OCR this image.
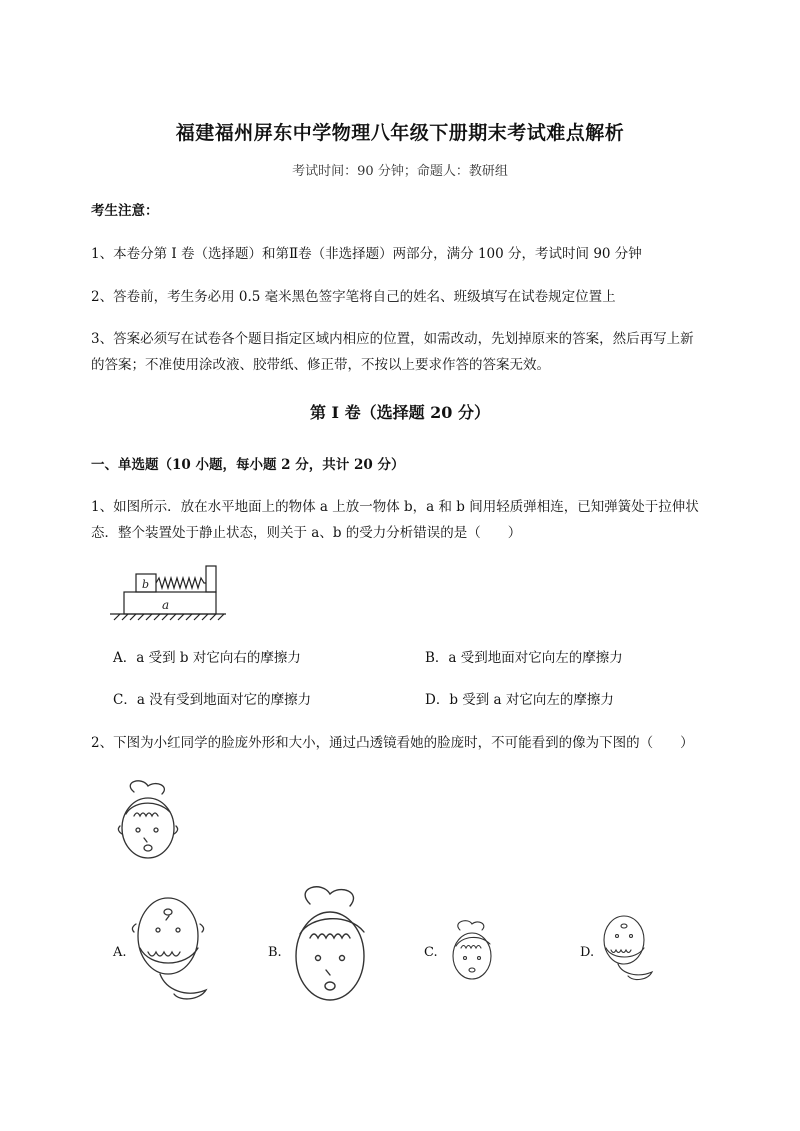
福建福州屏东中学物理八年级下册期末考试难点解析
考试时间：90 分钟；命题人：教研组
考生注意：
1、本卷分第 I 卷（选择题）和第Ⅱ卷（非选择题）两部分，满分 100 分，考试时间 90 分钟
2、答卷前，考生务必用 0.5 毫米黑色签字笔将自己的姓名、班级填写在试卷规定位置上
3、答案必须写在试卷各个题目指定区域内相应的位置，如需改动，先划掉原来的答案，然后再写上新
的答案；不准使用涂改液、胶带纸、修正带，不按以上要求作答的答案无效。
第 I 卷（选择题 20 分）
一、单选题（10 小题，每小题 2 分，共计 20 分）
1、如图所示．放在水平地面上的物体 a 上放一物体 b，a 和 b 间用轻质弹相连，已知弹簧处于拉伸状
态．整个装置处于静止状态，则关于 a、b 的受力分析错误的是（　　）
b
a
A．a 受到 b 对它向右的摩擦力	B．a 受到地面对它向左的摩擦力
C．a 没有受到地面对它的摩擦力	D．b 受到 a 对它向左的摩擦力
2、下图为小红同学的脸庞外形和大小，通过凸透镜看她的脸庞时，不可能看到的像为下图的（　　）
A.	B.	C.	D.
